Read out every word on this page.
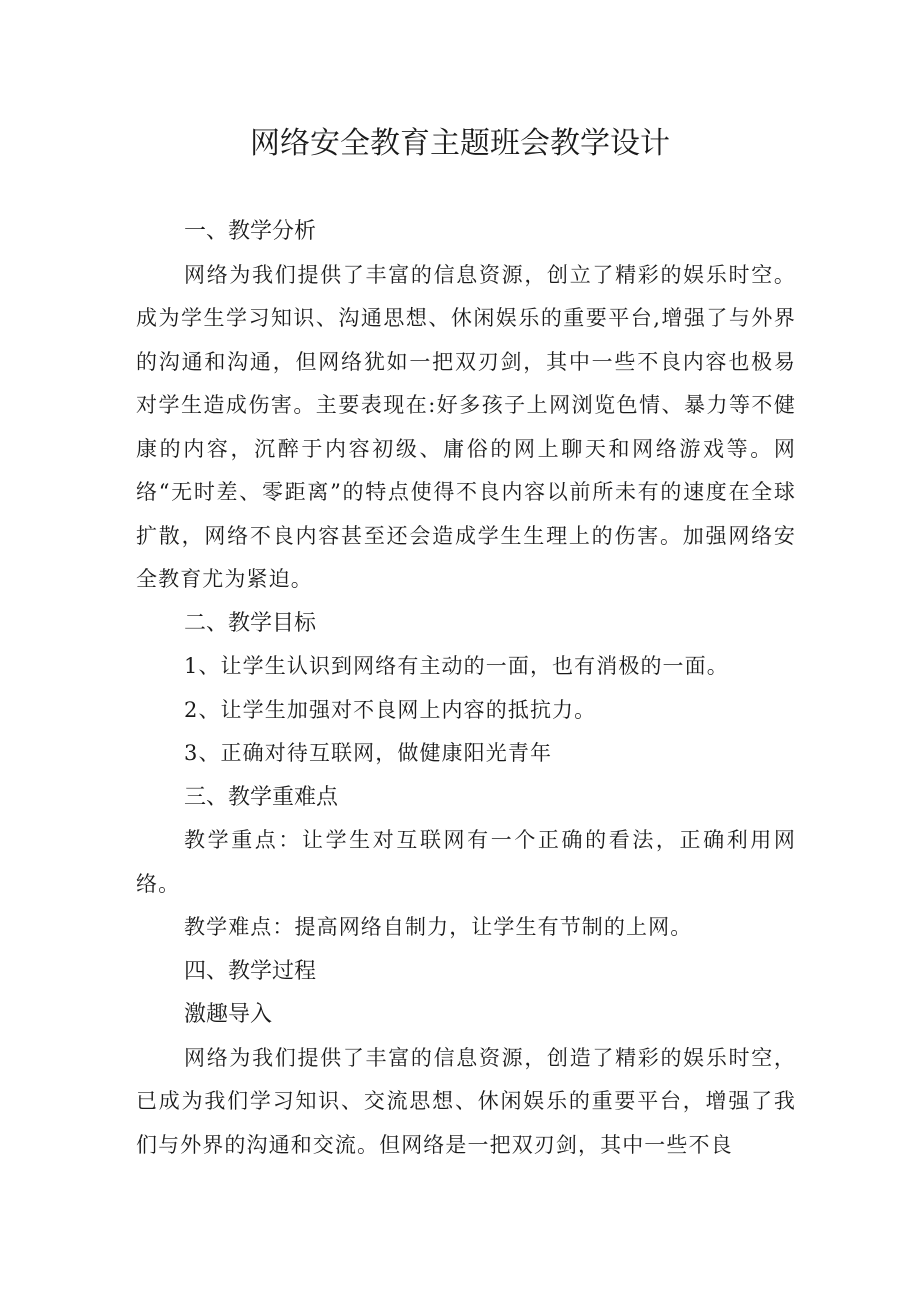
网络安全教育主题班会教学设计
一、教学分析

网络为我们提供了丰富的信息资源，创立了精彩的娱乐时空。成为学生学习知识、沟通思想、休闲娱乐的重要平台,增强了与外界的沟通和沟通，但网络犹如一把双刃剑，其中一些不良内容也极易对学生造成伤害。主要表现在:好多孩子上网浏览色情、暴力等不健康的内容，沉醉于内容初级、庸俗的网上聊天和网络游戏等。网络“无时差、零距离”的特点使得不良内容以前所未有的速度在全球扩散，网络不良内容甚至还会造成学生生理上的伤害。加强网络安全教育尤为紧迫。

二、教学目标

1、让学生认识到网络有主动的一面，也有消极的一面。

2、让学生加强对不良网上内容的抵抗力。

3、正确对待互联网，做健康阳光青年

三、教学重难点

教学重点：让学生对互联网有一个正确的看法，正确利用网络。

教学难点：提高网络自制力，让学生有节制的上网。

四、教学过程
激趣导入

网络为我们提供了丰富的信息资源，创造了精彩的娱乐时空，已成为我们学习知识、交流思想、休闲娱乐的重要平台，增强了我们与外界的沟通和交流。但网络是一把双刃剑，其中一些不良
